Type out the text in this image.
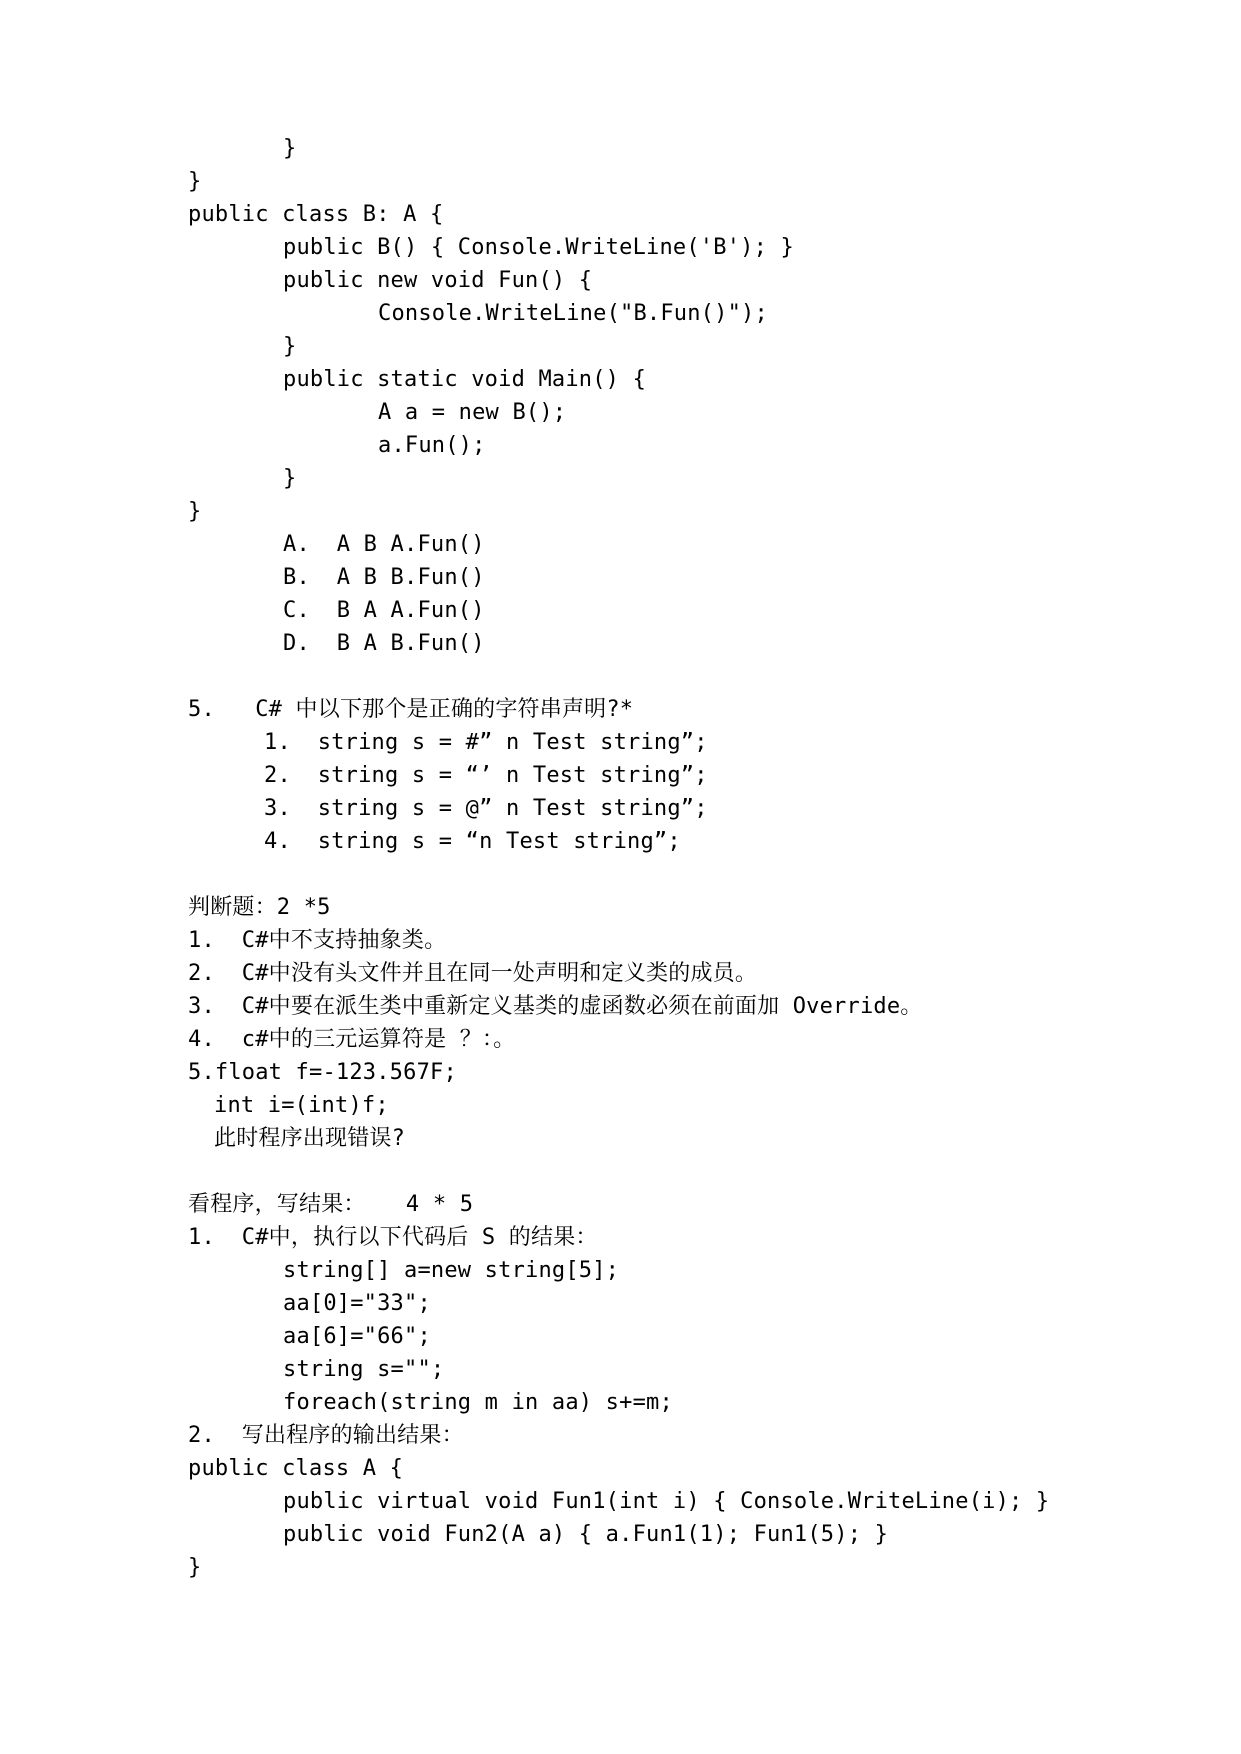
}
}
public class B: A {
public B() { Console.WriteLine('B'); }
public new void Fun() {
Console.WriteLine("B.Fun()");
}
public static void Main() {
A a = new B();
a.Fun();
}
}
A.  A B A.Fun()
B.  A B B.Fun()
C.  B A A.Fun()
D.  B A B.Fun()
5.   C# 中以下那个是正确的字符串声明?*
1.  string s = #” n Test string”;
2.  string s = “’ n Test string”;
3.  string s = @” n Test string”;
4.  string s = “n Test string”;
判断题：2 *5
1.  C#中不支持抽象类。
2.  C#中没有头文件并且在同一处声明和定义类的成员。
3.  C#中要在派生类中重新定义基类的虚函数必须在前面加 Override。
4.  c#中的三元运算符是 ？：。
5.float f=-123.567F;
int i=(int)f;
此时程序出现错误?
看程序，写结果：   4 * 5
1.  C#中，执行以下代码后 S 的结果：
string[] a=new string[5];
aa[0]="33";
aa[6]="66";
string s="";
foreach(string m in aa) s+=m;
2.  写出程序的输出结果：
public class A {
public virtual void Fun1(int i) { Console.WriteLine(i); }
public void Fun2(A a) { a.Fun1(1); Fun1(5); }
}
